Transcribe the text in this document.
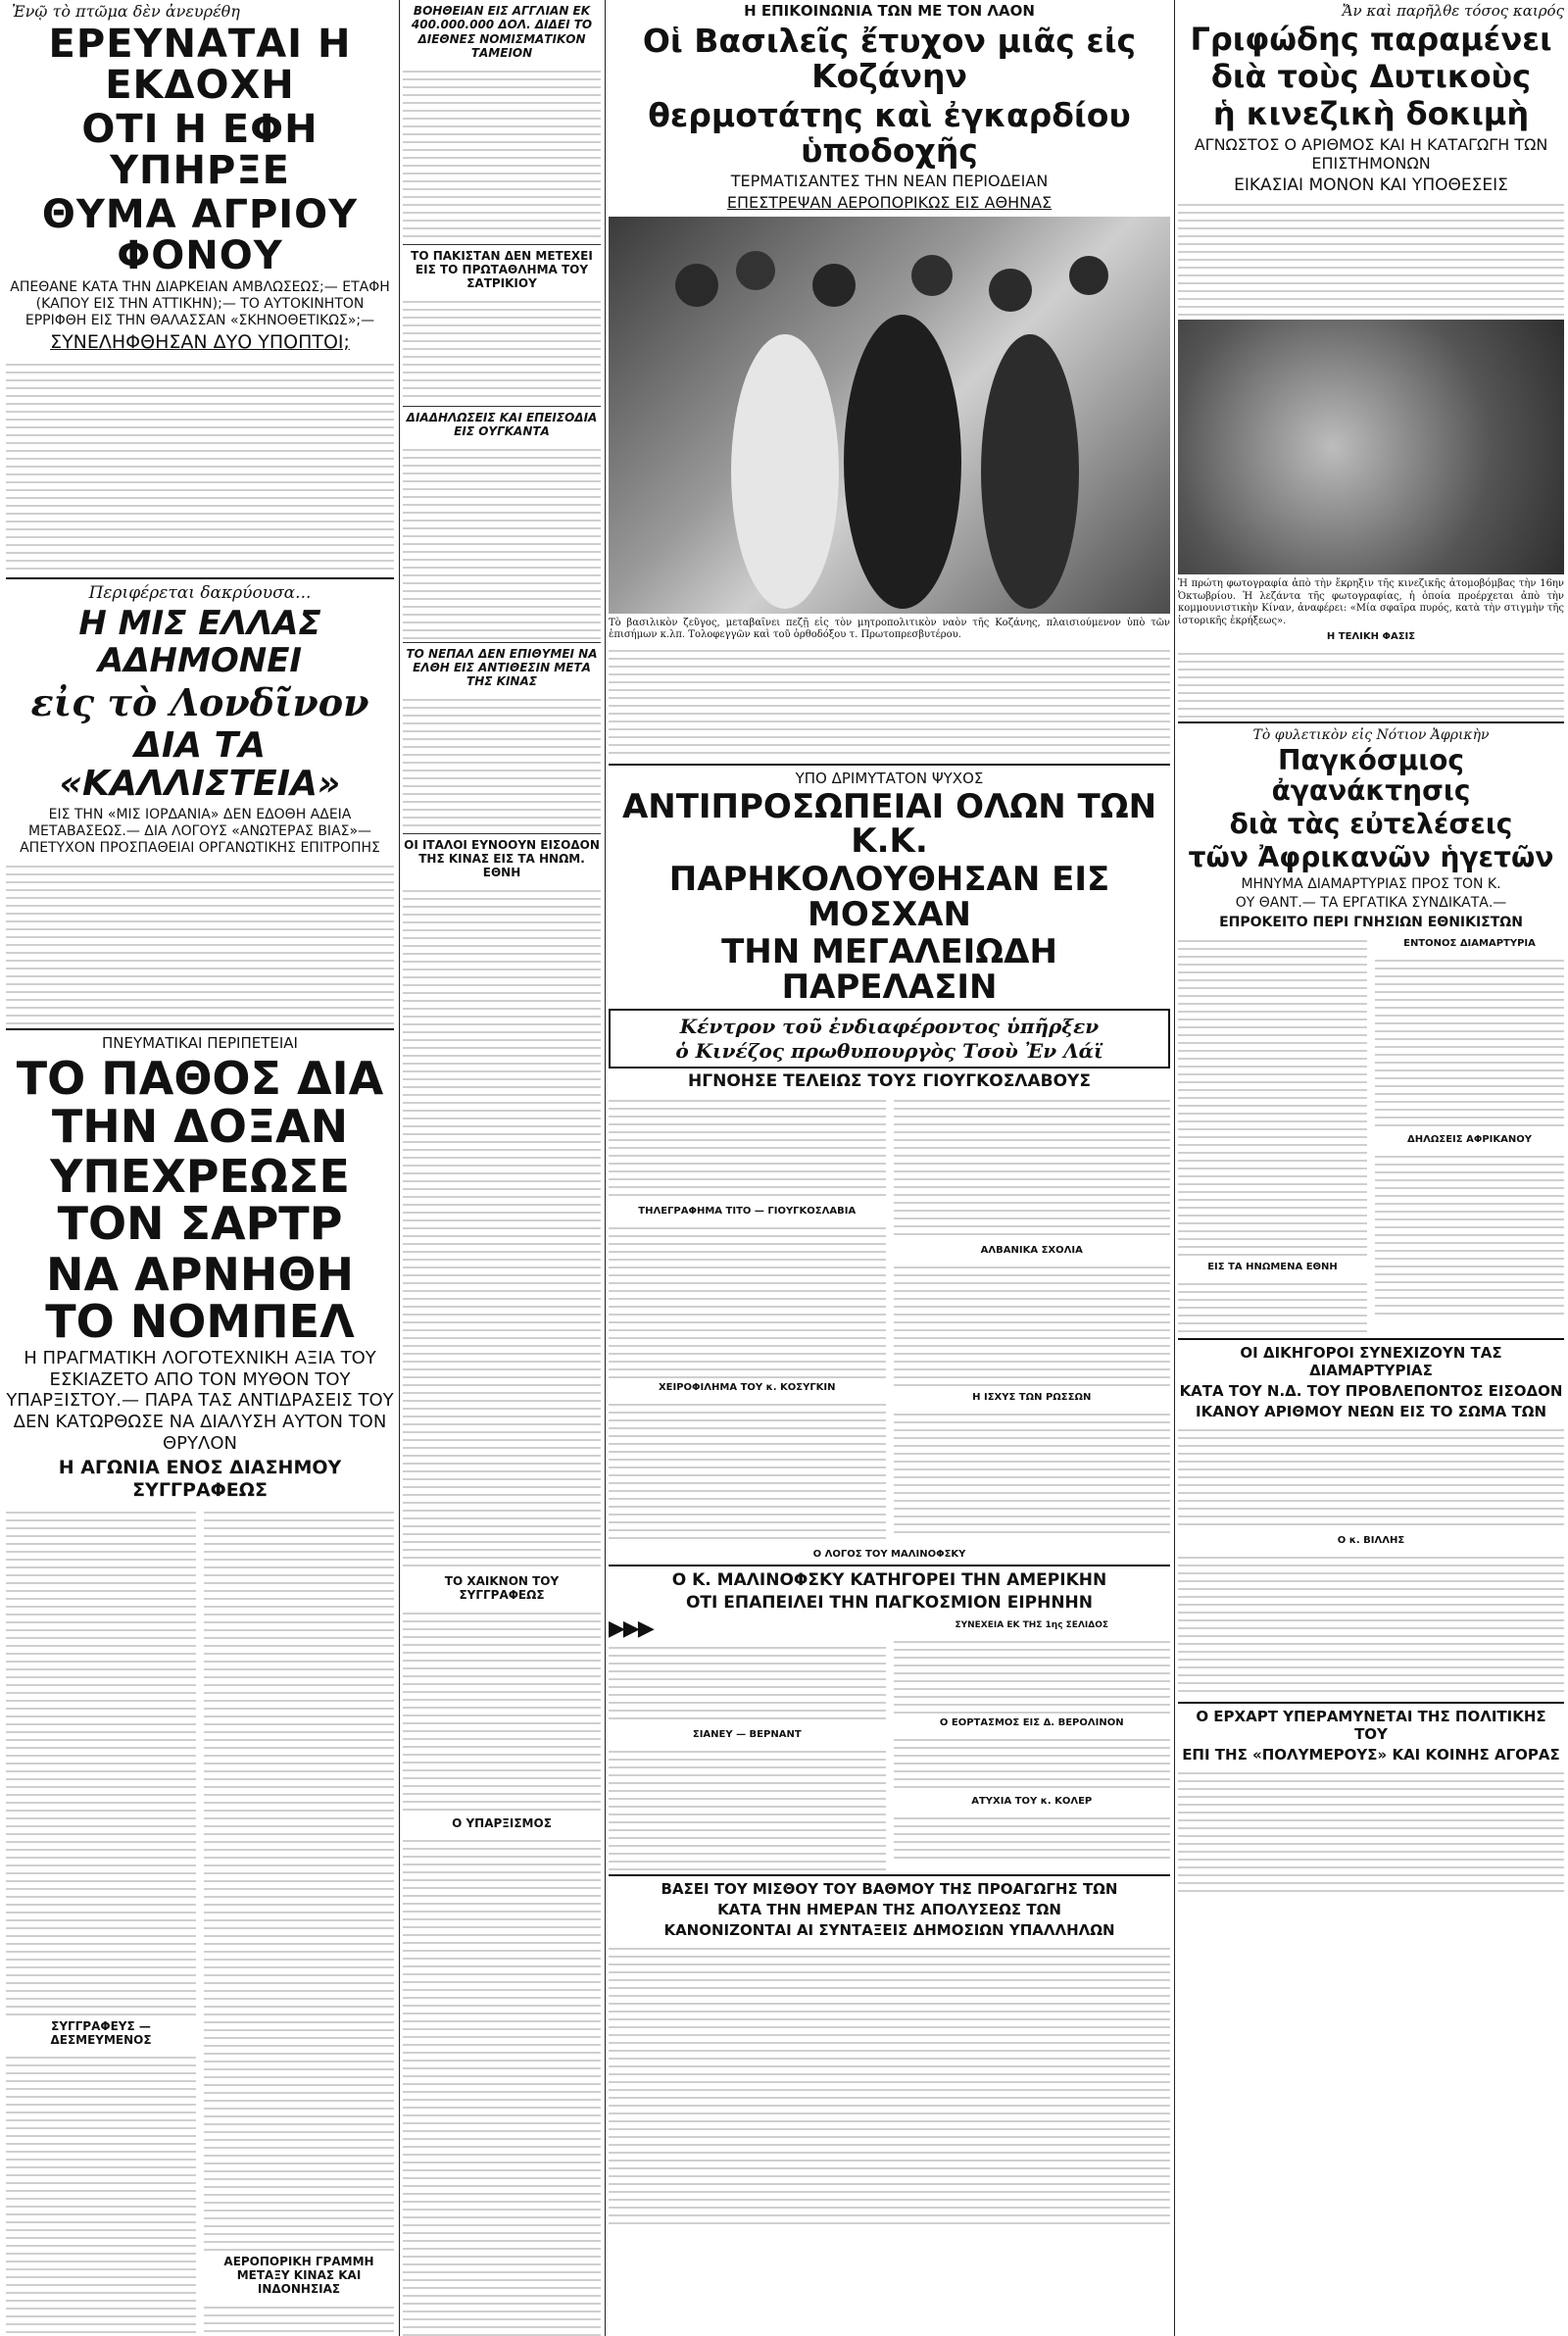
Ἐνῷ τὸ πτῶμα δὲν ἀνευρέθη
ΕΡΕΥΝΑΤΑΙ Η ΕΚΔΟΧΗ
ΟΤΙ Η ΕΦΗ ΥΠΗΡΞΕ
ΘΥΜΑ ΑΓΡΙΟΥ ΦΟΝΟΥ
ΑΠΕΘΑΝΕ ΚΑΤΑ ΤΗΝ ΔΙΑΡΚΕΙΑΝ ΑΜΒΛΩΣΕΩΣ;— ΕΤΑΦΗ (ΚΑΠΟΥ ΕΙΣ ΤΗΝ ΑΤΤΙΚΗΝ);— ΤΟ ΑΥΤΟΚΙΝΗΤΟΝ ΕΡΡΙΦΘΗ ΕΙΣ ΤΗΝ ΘΑΛΑΣΣΑΝ «ΣΚΗΝΟΘΕΤΙΚΩΣ»;—
ΣΥΝΕΛΗΦΘΗΣΑΝ ΔΥΟ ΥΠΟΠΤΟΙ;
Περιφέρεται δακρύουσα...
Η ΜΙΣ ΕΛΛΑΣ ΑΔΗΜΟΝΕΙ
εἰς τὸ Λονδῖνον
ΔΙΑ ΤΑ «ΚΑΛΛΙΣΤΕΙΑ»
ΕΙΣ ΤΗΝ «ΜΙΣ ΙΟΡΔΑΝΙΑ» ΔΕΝ ΕΔΟΘΗ ΑΔΕΙΑ ΜΕΤΑΒΑΣΕΩΣ.— ΔΙΑ ΛΟΓΟΥΣ «ΑΝΩΤΕΡΑΣ ΒΙΑΣ»—ΑΠΕΤΥΧΟΝ ΠΡΟΣΠΑΘΕΙΑΙ ΟΡΓΑΝΩΤΙΚΗΣ ΕΠΙΤΡΟΠΗΣ
ΠΝΕΥΜΑΤΙΚΑΙ ΠΕΡΙΠΕΤΕΙΑΙ
ΤΟ ΠΑΘΟΣ ΔΙΑ ΤΗΝ ΔΟΞΑΝ
ΥΠΕΧΡΕΩΣΕ ΤΟΝ ΣΑΡΤΡ
ΝΑ ΑΡΝΗΘΗ ΤΟ ΝΟΜΠΕΛ
Η ΠΡΑΓΜΑΤΙΚΗ ΛΟΓΟΤΕΧΝΙΚΗ ΑΞΙΑ ΤΟΥ ΕΣΚΙΑΖΕΤΟ ΑΠΟ ΤΟΝ ΜΥΘΟΝ ΤΟΥ ΥΠΑΡΞΙΣΤΟΥ.— ΠΑΡΑ ΤΑΣ ΑΝΤΙΔΡΑΣΕΙΣ ΤΟΥ ΔΕΝ ΚΑΤΩΡΘΩΣΕ ΝΑ ΔΙΑΛΥΣΗ ΑΥΤΟΝ ΤΟΝ ΘΡΥΛΟΝ
Η ΑΓΩΝΙΑ ΕΝΟΣ ΔΙΑΣΗΜΟΥ ΣΥΓΓΡΑΦΕΩΣ
ΣΥΓΓΡΑΦΕΥΣ — ΔΕΣΜΕΥΜΕΝΟΣ
ΑΕΡΟΠΟΡΙΚΗ ΓΡΑΜΜΗ ΜΕΤΑΞΥ ΚΙΝΑΣ ΚΑΙ ΙΝΔΟΝΗΣΙΑΣ
ΒΟΗΘΕΙΑΝ ΕΙΣ ΑΓΓΛΙΑΝ ΕΚ 400.000.000 ΔΟΛ. ΔΙΔΕΙ ΤΟ ΔΙΕΘΝΕΣ ΝΟΜΙΣΜΑΤΙΚΟΝ ΤΑΜΕΙΟΝ
ΤΟ ΠΑΚΙΣΤΑΝ ΔΕΝ ΜΕΤΕΧΕΙ ΕΙΣ ΤΟ ΠΡΩΤΑΘΛΗΜΑ ΤΟΥ ΣΑΤΡΙΚΙΟΥ
ΔΙΑΔΗΛΩΣΕΙΣ ΚΑΙ ΕΠΕΙΣΟΔΙΑ ΕΙΣ ΟΥΓΚΑΝΤΑ
ΤΟ ΝΕΠΑΛ ΔΕΝ ΕΠΙΘΥΜΕΙ ΝΑ ΕΛΘΗ ΕΙΣ ΑΝΤΙΘΕΣΙΝ ΜΕΤΑ ΤΗΣ ΚΙΝΑΣ
ΟΙ ΙΤΑΛΟΙ ΕΥΝΟΟΥΝ ΕΙΣΟΔΟΝ ΤΗΣ ΚΙΝΑΣ ΕΙΣ ΤΑ ΗΝΩΜ. ΕΘΝΗ
ΤΟ ΧΑΙΚΝΟΝ ΤΟΥ ΣΥΓΓΡΑΦΕΩΣ
Ο ΥΠΑΡΞΙΣΜΟΣ
Η ΕΠΙΚΟΙΝΩΝΙΑ ΤΩΝ ΜΕ ΤΟΝ ΛΑΟΝ
Οἱ Βασιλεῖς ἔτυχον μιᾶς εἰς Κοζάνην
θερμοτάτης καὶ ἐγκαρδίου ὑποδοχῆς
ΤΕΡΜΑΤΙΣΑΝΤΕΣ ΤΗΝ ΝΕΑΝ ΠΕΡΙΟΔΕΙΑΝ
ΕΠΕΣΤΡΕΨΑΝ ΑΕΡΟΠΟΡΙΚΩΣ ΕΙΣ ΑΘΗΝΑΣ
Τὸ βασιλικὸν ζεῦγος, μεταβαῖνει πεζῇ εἰς τὸν μητροπολιτικὸν ναὸν τῆς Κοζάνης, πλαισιούμενον ὑπὸ τῶν ἐπισήμων κ.λπ. Τολοφεγγῶν καὶ τοῦ ὀρθοδόξου τ. Πρωτοπρεσβυτέρου.
ΥΠΟ ΔΡΙΜΥΤΑΤΟΝ ΨΥΧΟΣ
ΑΝΤΙΠΡΟΣΩΠΕΙΑΙ ΟΛΩΝ ΤΩΝ Κ.Κ.
ΠΑΡΗΚΟΛΟΥΘΗΣΑΝ ΕΙΣ ΜΟΣΧΑΝ
ΤΗΝ ΜΕΓΑΛΕΙΩΔΗ ΠΑΡΕΛΑΣΙΝ
Κέντρον τοῦ ἐνδιαφέροντος ὑπῆρξεν
ὁ Κινέζος πρωθυπουργὸς Τσοὺ Ἐν Λάϊ
ΗΓΝΟΗΣΕ ΤΕΛΕΙΩΣ ΤΟΥΣ ΓΙΟΥΓΚΟΣΛΑΒΟΥΣ
ΤΗΛΕΓΡΑΦΗΜΑ ΤΙΤΟ — ΓΙΟΥΓΚΟΣΛΑΒΙΑ
ΧΕΙΡΟΦΙΛΗΜΑ ΤΟΥ κ. ΚΟΣΥΓΚΙΝ
ΑΛΒΑΝΙΚΑ ΣΧΟΛΙΑ
Η ΙΣΧΥΣ ΤΩΝ ΡΩΣΣΩΝ
Ο ΛΟΓΟΣ ΤΟΥ ΜΑΛΙΝΟΦΣΚΥ
Ο Κ. ΜΑΛΙΝΟΦΣΚΥ ΚΑΤΗΓΟΡΕΙ ΤΗΝ ΑΜΕΡΙΚΗΝ
ΟΤΙ ΕΠΑΠΕΙΛΕΙ ΤΗΝ ΠΑΓΚΟΣΜΙΟΝ ΕΙΡΗΝΗΝ
▶▶▶
ΣΙΑΝΕΥ — ΒΕΡΝΑΝΤ
ΣΥΝΕΧΕΙΑ ΕΚ ΤΗΣ 1ης ΣΕΛΙΔΟΣ
Ο ΕΟΡΤΑΣΜΟΣ ΕΙΣ Δ. ΒΕΡΟΛΙΝΟΝ
ΑΤΥΧΙΑ ΤΟΥ κ. ΚΟΛΕΡ
ΒΑΣΕΙ ΤΟΥ ΜΙΣΘΟΥ ΤΟΥ ΒΑΘΜΟΥ ΤΗΣ ΠΡΟΑΓΩΓΗΣ ΤΩΝ
ΚΑΤΑ ΤΗΝ ΗΜΕΡΑΝ ΤΗΣ ΑΠΟΛΥΣΕΩΣ ΤΩΝ
ΚΑΝΟΝΙΖΟΝΤΑΙ ΑΙ ΣΥΝΤΑΞΕΙΣ ΔΗΜΟΣΙΩΝ ΥΠΑΛΛΗΛΩΝ
Ἄν καὶ παρῆλθε τόσος καιρός
Γριφώδης παραμένει
διὰ τοὺς Δυτικοὺς
ἡ κινεζικὴ δοκιμὴ
ΑΓΝΩΣΤΟΣ Ο ΑΡΙΘΜΟΣ ΚΑΙ Η ΚΑΤΑΓΩΓΗ ΤΩΝ ΕΠΙΣΤΗΜΟΝΩΝ
ΕΙΚΑΣΙΑΙ ΜΟΝΟΝ ΚΑΙ ΥΠΟΘΕΣΕΙΣ
Ἡ πρώτη φωτογραφία ἀπὸ τὴν ἔκρηξιν τῆς κινεζικῆς ἀτομοβόμβας τὴν 16ην Ὀκτωβρίου. Ἡ λεζάντα τῆς φωτογραφίας, ἡ ὁποία προέρχεται ἀπὸ τὴν κομμουνιστικὴν Κίναν, ἀναφέρει: «Μία σφαῖρα πυρός, κατὰ τὴν στιγμὴν τῆς ἱστορικῆς ἐκρήξεως».
Η ΤΕΛΙΚΗ ΦΑΣΙΣ
Τὸ φυλετικὸν εἰς Νότιον Ἀφρικὴν
Παγκόσμιος ἀγανάκτησις
διὰ τὰς εὐτελέσεις
τῶν Ἀφρικανῶν ἡγετῶν
ΜΗΝΥΜΑ ΔΙΑΜΑΡΤΥΡΙΑΣ ΠΡΟΣ ΤΟΝ Κ.
ΟΥ ΘΑΝΤ.— ΤΑ ΕΡΓΑΤΙΚΑ ΣΥΝΔΙΚΑΤΑ.—
ΕΠΡΟΚΕΙΤΟ ΠΕΡΙ ΓΝΗΣΙΩΝ ΕΘΝΙΚΙΣΤΩΝ
ΕΙΣ ΤΑ ΗΝΩΜΕΝΑ ΕΘΝΗ
ΕΝΤΟΝΟΣ ΔΙΑΜΑΡΤΥΡΙΑ
ΔΗΛΩΣΕΙΣ ΑΦΡΙΚΑΝΟΥ
ΟΙ ΔΙΚΗΓΟΡΟΙ ΣΥΝΕΧΙΖΟΥΝ ΤΑΣ ΔΙΑΜΑΡΤΥΡΙΑΣ
ΚΑΤΑ ΤΟΥ Ν.Δ. ΤΟΥ ΠΡΟΒΛΕΠΟΝΤΟΣ ΕΙΣΟΔΟΝ
ΙΚΑΝΟΥ ΑΡΙΘΜΟΥ ΝΕΩΝ ΕΙΣ ΤΟ ΣΩΜΑ ΤΩΝ
Ο κ. ΒΙΛΛΗΣ
Ο ΕΡΧΑΡΤ ΥΠΕΡΑΜΥΝΕΤΑΙ ΤΗΣ ΠΟΛΙΤΙΚΗΣ ΤΟΥ
ΕΠΙ ΤΗΣ «ΠΟΛΥΜΕΡΟΥΣ» ΚΑΙ ΚΟΙΝΗΣ ΑΓΟΡΑΣ
